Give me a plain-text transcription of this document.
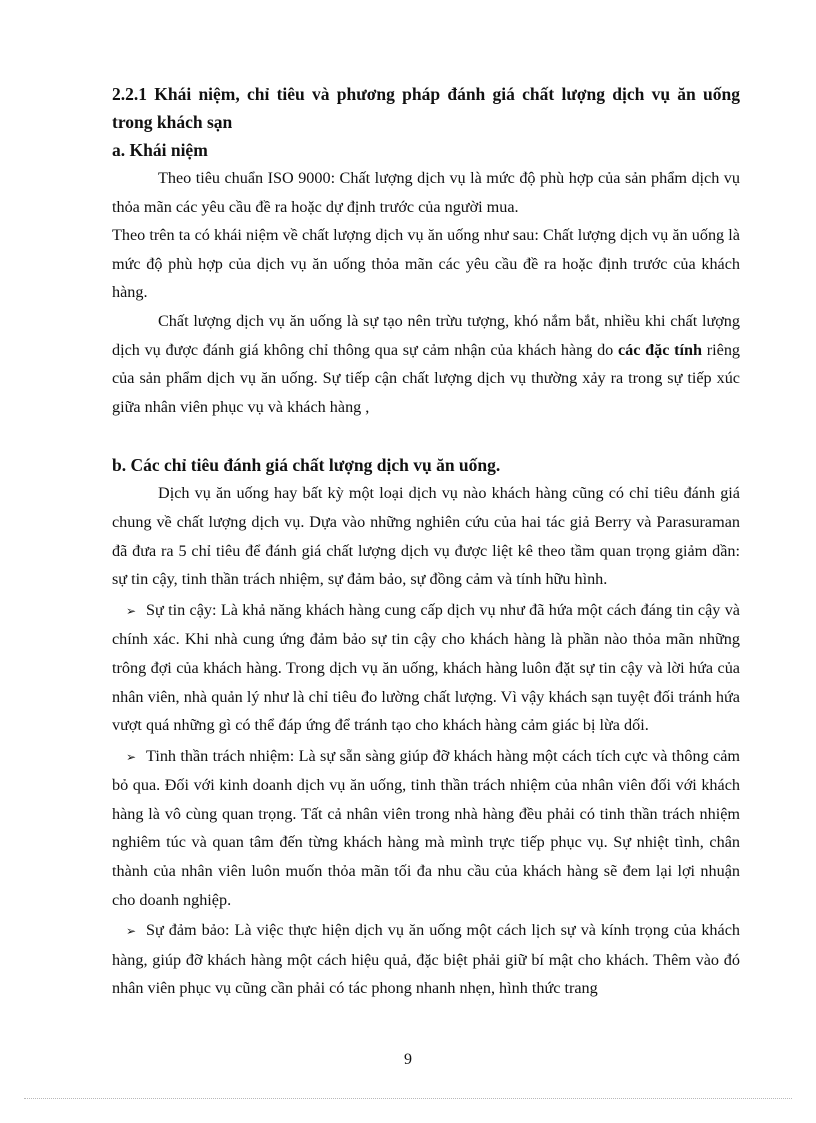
2.2.1 Khái niệm, chỉ tiêu và phương pháp đánh giá chất lượng dịch vụ ăn uống trong khách sạn

a. Khái niệm

Theo tiêu chuẩn ISO 9000: Chất lượng dịch vụ là mức độ phù hợp của sản phẩm dịch vụ thỏa mãn các yêu cầu đề ra hoặc dự định trước của người mua.

Theo trên ta có khái niệm về chất lượng dịch vụ ăn uống như sau: Chất lượng dịch vụ ăn uống là mức độ phù hợp của dịch vụ ăn uống thỏa mãn các yêu cầu đề ra hoặc định trước của khách hàng.

Chất lượng dịch vụ ăn uống là sự tạo nên trừu tượng, khó nắm bắt, nhiều khi chất lượng dịch vụ được đánh giá không chỉ thông qua sự cảm nhận của khách hàng do các đặc tính riêng của sản phẩm dịch vụ ăn uống. Sự tiếp cận chất lượng dịch vụ thường xảy ra trong sự tiếp xúc giữa nhân viên phục vụ và khách hàng ,

b. Các chỉ tiêu đánh giá chất lượng dịch vụ ăn uống.

Dịch vụ ăn uống hay bất kỳ một loại dịch vụ nào khách hàng cũng có chỉ tiêu đánh giá chung về chất lượng dịch vụ. Dựa vào những nghiên cứu của hai tác giả Berry và Parasuraman đã đưa ra 5 chỉ tiêu để đánh giá chất lượng dịch vụ được liệt kê theo tầm quan trọng giảm dần: sự tin cậy, tinh thần trách nhiệm, sự đảm bảo, sự đồng cảm và tính hữu hình.

➢ Sự tin cậy: Là khả năng khách hàng cung cấp dịch vụ như đã hứa một cách đáng tin cậy và chính xác. Khi nhà cung ứng đảm bảo sự tin cậy cho khách hàng là phần nào thỏa mãn những trông đợi của khách hàng. Trong dịch vụ ăn uống, khách hàng luôn đặt sự tin cậy và lời hứa của nhân viên, nhà quản lý như là chỉ tiêu đo lường chất lượng. Vì vậy khách sạn tuyệt đối tránh hứa vượt quá những gì có thể đáp ứng để tránh tạo cho khách hàng cảm giác bị lừa dối.

➢ Tinh thần trách nhiệm: Là sự sẵn sàng giúp đỡ khách hàng một cách tích cực và thông cảm bỏ qua. Đối với kinh doanh dịch vụ ăn uống, tinh thần trách nhiệm của nhân viên đối với khách hàng là vô cùng quan trọng. Tất cả nhân viên trong nhà hàng đều phải có tinh thần trách nhiệm nghiêm túc và quan tâm đến từng khách hàng mà mình trực tiếp phục vụ. Sự nhiệt tình, chân thành của nhân viên luôn muốn thỏa mãn tối đa nhu cầu của khách hàng sẽ đem lại lợi nhuận cho doanh nghiệp.

➢ Sự đảm bảo: Là việc thực hiện dịch vụ ăn uống một cách lịch sự và kính trọng của khách hàng, giúp đỡ khách hàng một cách hiệu quả, đặc biệt phải giữ bí mật cho khách. Thêm vào đó nhân viên phục vụ cũng cần phải có tác phong nhanh nhẹn, hình thức trang

9
